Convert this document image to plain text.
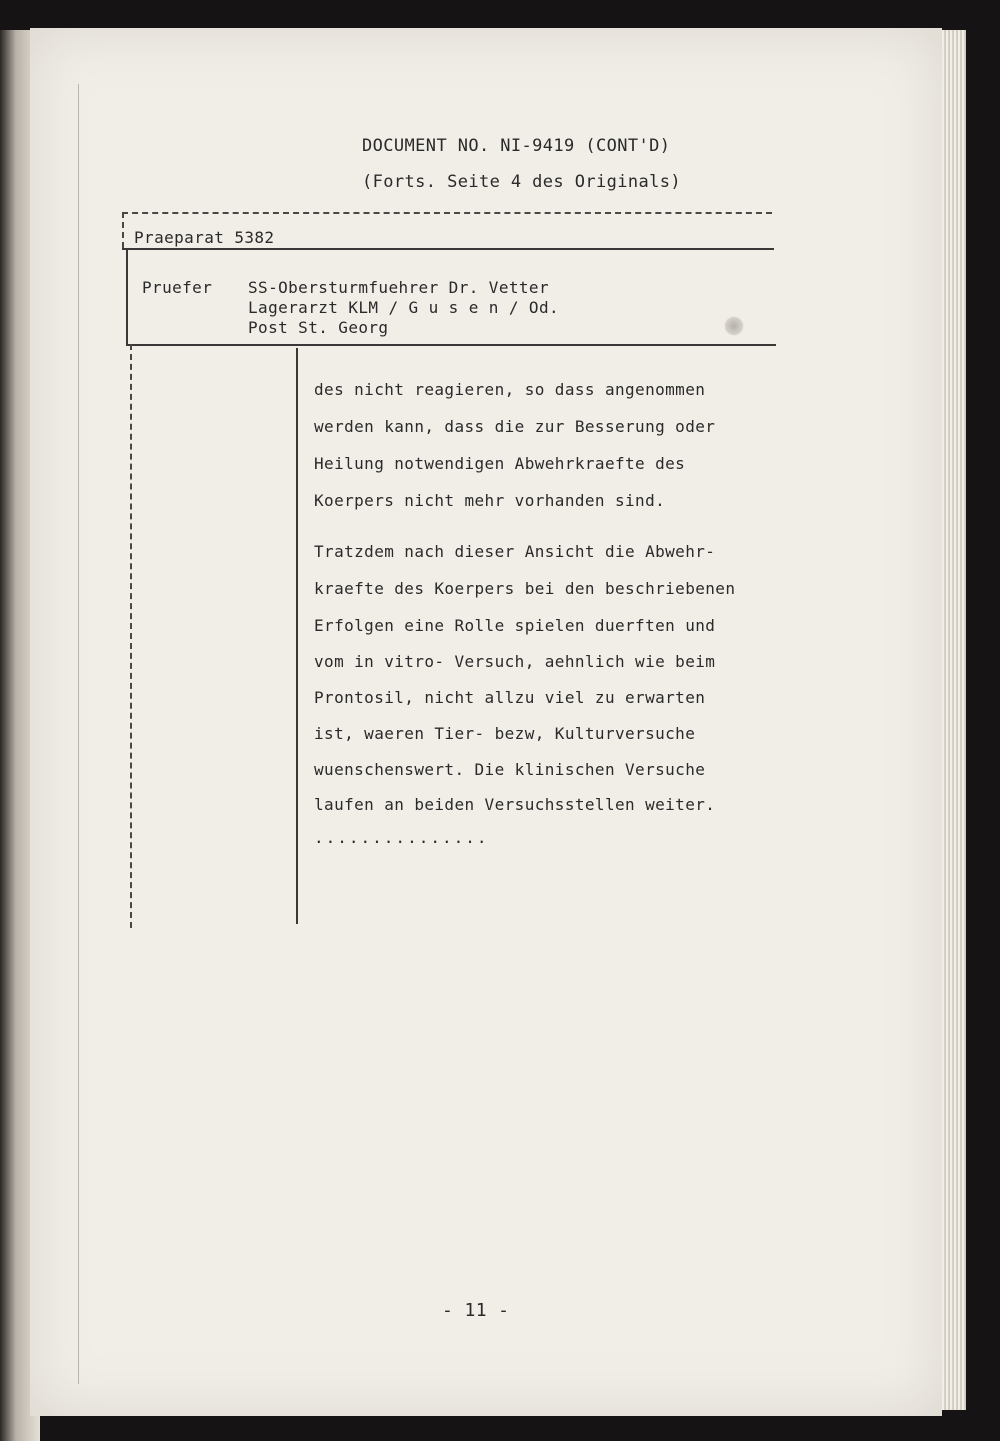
DOCUMENT NO. NI-9419 (CONT'D)
(Forts. Seite 4 des Originals)
Praeparat 5382
Pruefer SS-Obersturmfuehrer Dr. Vetter
Lagerarzt KLM / G u s e n / Od.
Post St. Georg
des nicht reagieren, so dass angenommen
werden kann, dass die zur Besserung oder
Heilung notwendigen Abwehrkraefte des
Koerpers nicht mehr vorhanden sind.
Tratzdem nach dieser Ansicht die Abwehr-
kraefte des Koerpers bei den beschriebenen
Erfolgen eine Rolle spielen duerften und
vom in vitro- Versuch, aehnlich wie beim
Prontosil, nicht allzu viel zu erwarten
ist, waeren Tier- bezw, Kulturversuche
wuenschenswert. Die klinischen Versuche
laufen an beiden Versuchsstellen weiter.
...............
- 11 -
